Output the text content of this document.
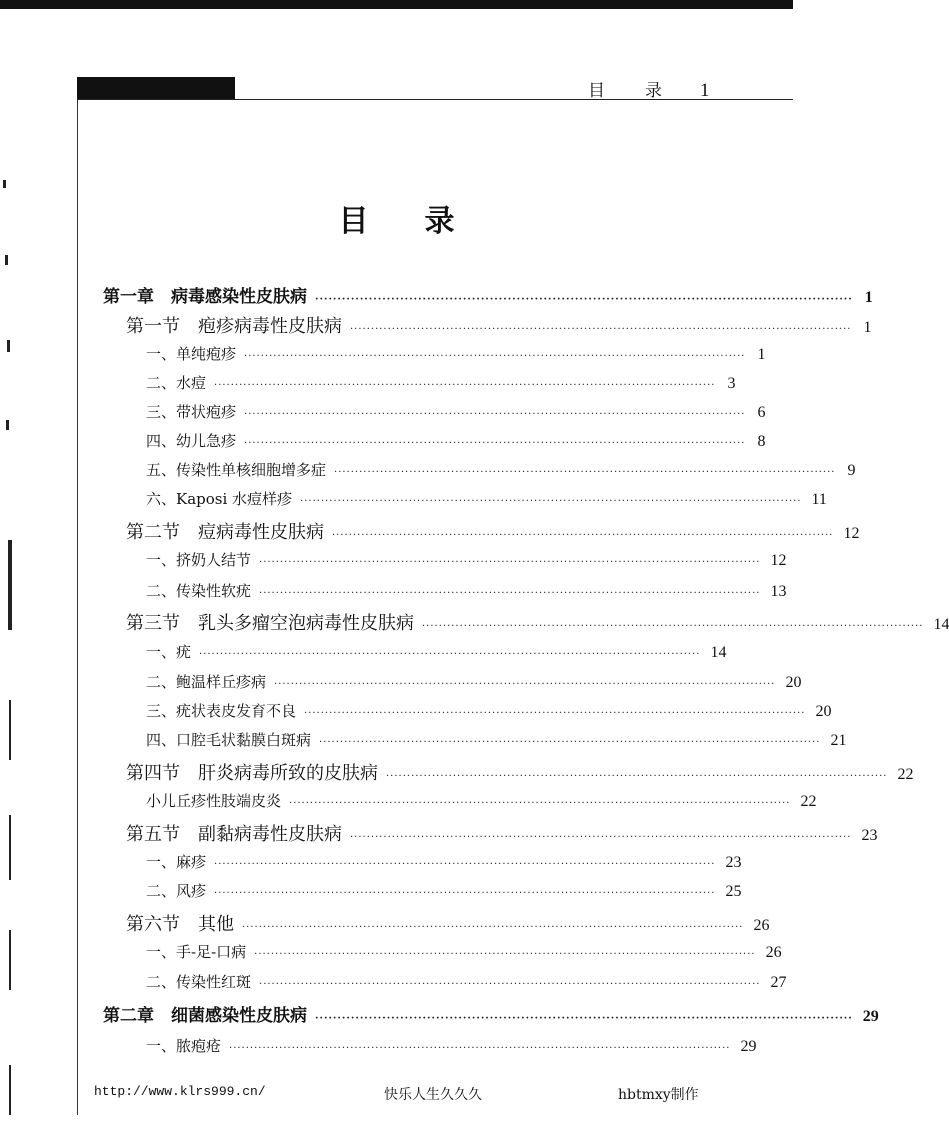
目 录 1
目 录
第一章　病毒感染性皮肤病 ························································································································ 1
第一节　疱疹病毒性皮肤病 ························································································································ 1
一、单纯疱疹 ························································································································ 1
二、水痘 ························································································································ 3
三、带状疱疹 ························································································································ 6
四、幼儿急疹 ························································································································ 8
五、传染性单核细胞增多症 ························································································································ 9
六、Kaposi 水痘样疹 ························································································································ 11
第二节　痘病毒性皮肤病 ························································································································ 12
一、挤奶人结节 ························································································································ 12
二、传染性软疣 ························································································································ 13
第三节　乳头多瘤空泡病毒性皮肤病 ························································································································ 14
一、疣 ························································································································ 14
二、鲍温样丘疹病 ························································································································ 20
三、疣状表皮发育不良 ························································································································ 20
四、口腔毛状黏膜白斑病 ························································································································ 21
第四节　肝炎病毒所致的皮肤病 ························································································································ 22
小儿丘疹性肢端皮炎 ························································································································ 22
第五节　副黏病毒性皮肤病 ························································································································ 23
一、麻疹 ························································································································ 23
二、风疹 ························································································································ 25
第六节　其他 ························································································································ 26
一、手-足-口病 ························································································································ 26
二、传染性红斑 ························································································································ 27
第二章　细菌感染性皮肤病 ························································································································ 29
一、脓疱疮 ························································································································ 29
http://www.klrs999.cn/	快乐人生久久久	hbtmxy制作
